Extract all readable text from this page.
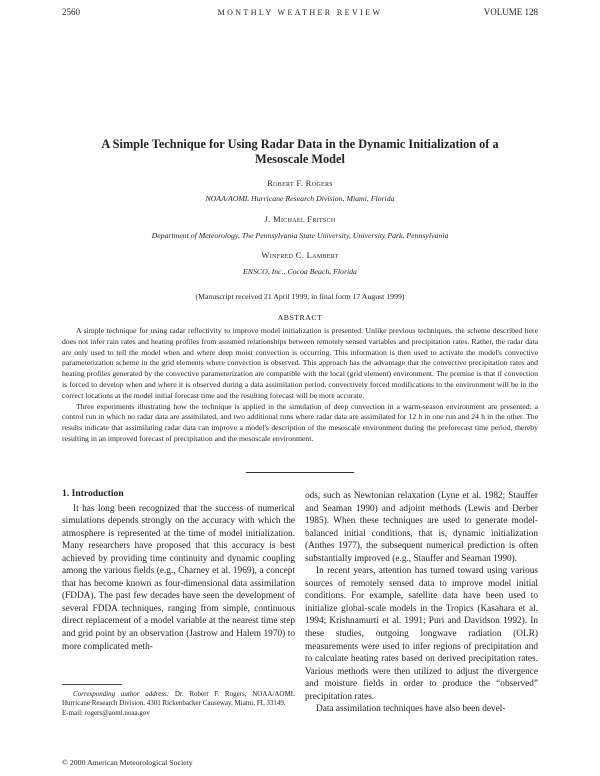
2560	MONTHLY WEATHER REVIEW	VOLUME 128
A Simple Technique for Using Radar Data in the Dynamic Initialization of a Mesoscale Model
Robert F. Rogers
NOAA/AOML Hurricane Research Division, Miami, Florida
J. Michael Fritsch
Department of Meteorology, The Pennsylvania State University, University Park, Pennsylvania
Winfred C. Lambert
ENSCO, Inc., Cocoa Beach, Florida
(Manuscript received 21 April 1999, in final form 17 August 1999)
ABSTRACT

A simple technique for using radar reflectivity to improve model initialization is presented. Unlike previous techniques, the scheme described here does not infer rain rates and heating profiles from assumed relationships between remotely sensed variables and precipitation rates. Rather, the radar data are only used to tell the model when and where deep moist convection is occurring. This information is then used to activate the model's convective parameterization scheme in the grid elements where convection is observed. This approach has the advantage that the convective precipitation rates and heating profiles generated by the convective parameterization are compatible with the local (grid element) environment. The premise is that if convection is forced to develop when and where it is observed during a data assimilation period, convectively forced modifications to the environment will be in the correct locations at the model initial forecast time and the resulting forecast will be more accurate.

Three experiments illustrating how the technique is applied in the simulation of deep convection in a warm-season environment are presented: a control run in which no radar data are assimilated, and two additional runs where radar data are assimilated for 12 h in one run and 24 h in the other. The results indicate that assimilating radar data can improve a model's description of the mesoscale environment during the preforecast time period, thereby resulting in an improved forecast of precipitation and the mesoscale environment.

1. Introduction

It has long been recognized that the success of numerical simulations depends strongly on the accuracy with which the atmosphere is represented at the time of model initialization. Many researchers have proposed that this accuracy is best achieved by providing time continuity and dynamic coupling among the various fields (e.g., Charney et al. 1969), a concept that has become known as four-dimensional data assimilation (FDDA). The past few decades have seen the development of several FDDA techniques, ranging from simple, continuous direct replacement of a model variable at the nearest time step and grid point by an observation (Jastrow and Halem 1970) to more complicated meth-

ods, such as Newtonian relaxation (Lyne et al. 1982; Stauffer and Seaman 1990) and adjoint methods (Lewis and Derber 1985). When these techniques are used to generate model-balanced initial conditions, that is, dynamic initialization (Anthes 1977), the subsequent numerical prediction is often substantially improved (e.g., Stauffer and Seaman 1990).

In recent years, attention has turned toward using various sources of remotely sensed data to improve model initial conditions. For example, satellite data have been used to initialize global-scale models in the Tropics (Kasahara et al. 1994; Krishnamurti et al. 1991; Puri and Davidson 1992). In these studies, outgoing longwave radiation (OLR) measurements were used to infer regions of precipitation and to calculate heating rates based on derived precipitation rates. Various methods were then utilized to adjust the divergence and moisture fields in order to produce the “observed” precipitation rates.

Data assimilation techniques have also been devel-

Corresponding author address: Dr. Robert F. Rogers, NOAA/AOML Hurricane Research Division, 4301 Rickenbacker Causeway, Miami, FL 33149.

E-mail: rogers@aoml.noaa.gov

© 2000 American Meteorological Society
